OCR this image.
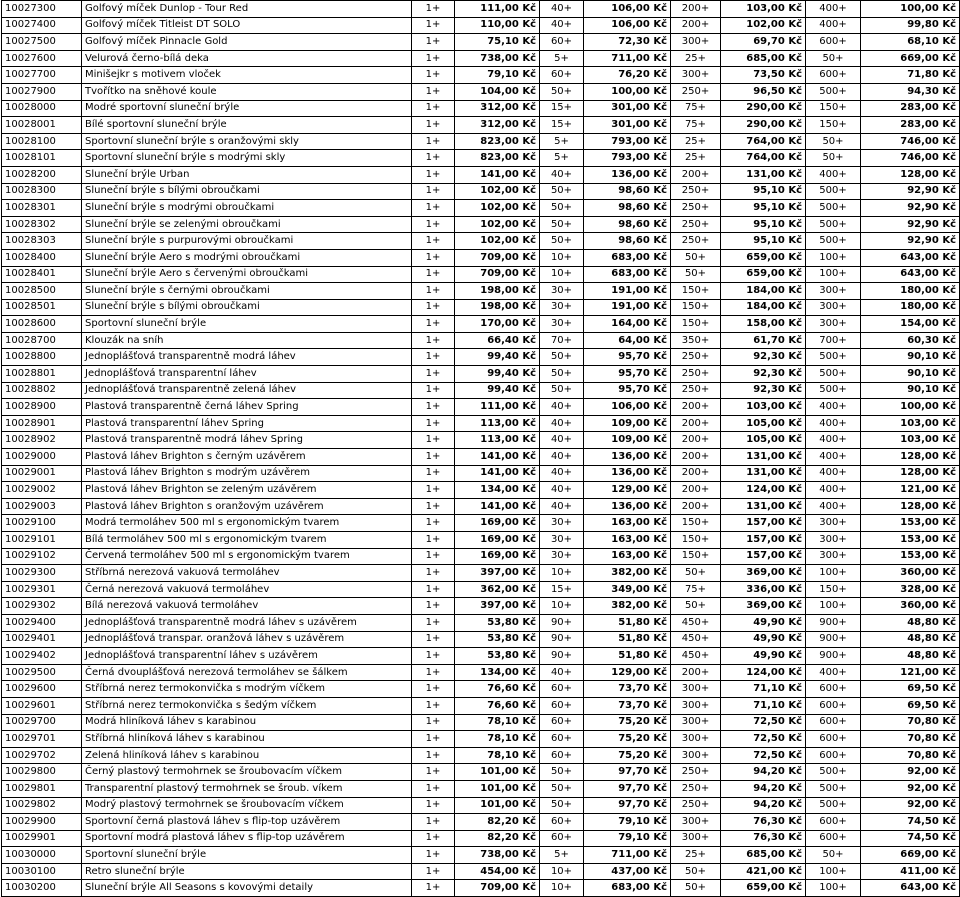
10027300	Golfový míček Dunlop - Tour Red	1+	111,00 Kč	40+	106,00 Kč	200+	103,00 Kč	400+	100,00 Kč
10027400	Golfový míček Titleist DT SOLO	1+	110,00 Kč	40+	106,00 Kč	200+	102,00 Kč	400+	99,80 Kč
10027500	Golfový míček Pinnacle Gold	1+	75,10 Kč	60+	72,30 Kč	300+	69,70 Kč	600+	68,10 Kč
10027600	Velurová černo-bílá deka	1+	738,00 Kč	5+	711,00 Kč	25+	685,00 Kč	50+	669,00 Kč
10027700	Minišejkr s motivem vloček	1+	79,10 Kč	60+	76,20 Kč	300+	73,50 Kč	600+	71,80 Kč
10027900	Tvořítko na sněhové koule	1+	104,00 Kč	50+	100,00 Kč	250+	96,50 Kč	500+	94,30 Kč
10028000	Modré sportovní sluneční brýle	1+	312,00 Kč	15+	301,00 Kč	75+	290,00 Kč	150+	283,00 Kč
10028001	Bílé sportovní sluneční brýle	1+	312,00 Kč	15+	301,00 Kč	75+	290,00 Kč	150+	283,00 Kč
10028100	Sportovní sluneční brýle s oranžovými skly	1+	823,00 Kč	5+	793,00 Kč	25+	764,00 Kč	50+	746,00 Kč
10028101	Sportovní sluneční brýle s modrými skly	1+	823,00 Kč	5+	793,00 Kč	25+	764,00 Kč	50+	746,00 Kč
10028200	Sluneční brýle Urban	1+	141,00 Kč	40+	136,00 Kč	200+	131,00 Kč	400+	128,00 Kč
10028300	Sluneční brýle s bílými obroučkami	1+	102,00 Kč	50+	98,60 Kč	250+	95,10 Kč	500+	92,90 Kč
10028301	Sluneční brýle s modrými obroučkami	1+	102,00 Kč	50+	98,60 Kč	250+	95,10 Kč	500+	92,90 Kč
10028302	Sluneční brýle se zelenými obroučkami	1+	102,00 Kč	50+	98,60 Kč	250+	95,10 Kč	500+	92,90 Kč
10028303	Sluneční brýle s purpurovými obroučkami	1+	102,00 Kč	50+	98,60 Kč	250+	95,10 Kč	500+	92,90 Kč
10028400	Sluneční brýle Aero s modrými obroučkami	1+	709,00 Kč	10+	683,00 Kč	50+	659,00 Kč	100+	643,00 Kč
10028401	Sluneční brýle Aero s červenými obroučkami	1+	709,00 Kč	10+	683,00 Kč	50+	659,00 Kč	100+	643,00 Kč
10028500	Sluneční brýle s černými obroučkami	1+	198,00 Kč	30+	191,00 Kč	150+	184,00 Kč	300+	180,00 Kč
10028501	Sluneční brýle s bílými obroučkami	1+	198,00 Kč	30+	191,00 Kč	150+	184,00 Kč	300+	180,00 Kč
10028600	Sportovní sluneční brýle	1+	170,00 Kč	30+	164,00 Kč	150+	158,00 Kč	300+	154,00 Kč
10028700	Klouzák na sníh	1+	66,40 Kč	70+	64,00 Kč	350+	61,70 Kč	700+	60,30 Kč
10028800	Jednoplášťová transparentně modrá láhev	1+	99,40 Kč	50+	95,70 Kč	250+	92,30 Kč	500+	90,10 Kč
10028801	Jednoplášťová transparentní láhev	1+	99,40 Kč	50+	95,70 Kč	250+	92,30 Kč	500+	90,10 Kč
10028802	Jednoplášťová transparentně zelená láhev	1+	99,40 Kč	50+	95,70 Kč	250+	92,30 Kč	500+	90,10 Kč
10028900	Plastová transparentně černá láhev Spring	1+	111,00 Kč	40+	106,00 Kč	200+	103,00 Kč	400+	100,00 Kč
10028901	Plastová transparentní láhev Spring	1+	113,00 Kč	40+	109,00 Kč	200+	105,00 Kč	400+	103,00 Kč
10028902	Plastová transparentně modrá láhev Spring	1+	113,00 Kč	40+	109,00 Kč	200+	105,00 Kč	400+	103,00 Kč
10029000	Plastová láhev Brighton s černým uzávěrem	1+	141,00 Kč	40+	136,00 Kč	200+	131,00 Kč	400+	128,00 Kč
10029001	Plastová láhev Brighton s modrým uzávěrem	1+	141,00 Kč	40+	136,00 Kč	200+	131,00 Kč	400+	128,00 Kč
10029002	Plastová láhev Brighton se zeleným uzávěrem	1+	134,00 Kč	40+	129,00 Kč	200+	124,00 Kč	400+	121,00 Kč
10029003	Plastová láhev Brighton s oranžovým uzávěrem	1+	141,00 Kč	40+	136,00 Kč	200+	131,00 Kč	400+	128,00 Kč
10029100	Modrá termoláhev 500 ml s ergonomickým tvarem	1+	169,00 Kč	30+	163,00 Kč	150+	157,00 Kč	300+	153,00 Kč
10029101	Bílá termoláhev 500 ml s ergonomickým tvarem	1+	169,00 Kč	30+	163,00 Kč	150+	157,00 Kč	300+	153,00 Kč
10029102	Červená termoláhev 500 ml s ergonomickým tvarem	1+	169,00 Kč	30+	163,00 Kč	150+	157,00 Kč	300+	153,00 Kč
10029300	Stříbrná nerezová vakuová termoláhev	1+	397,00 Kč	10+	382,00 Kč	50+	369,00 Kč	100+	360,00 Kč
10029301	Černá nerezová vakuová termoláhev	1+	362,00 Kč	15+	349,00 Kč	75+	336,00 Kč	150+	328,00 Kč
10029302	Bílá nerezová vakuová termoláhev	1+	397,00 Kč	10+	382,00 Kč	50+	369,00 Kč	100+	360,00 Kč
10029400	Jednoplášťová transparentně modrá láhev s uzávěrem	1+	53,80 Kč	90+	51,80 Kč	450+	49,90 Kč	900+	48,80 Kč
10029401	Jednoplášťová transpar. oranžová láhev s uzávěrem	1+	53,80 Kč	90+	51,80 Kč	450+	49,90 Kč	900+	48,80 Kč
10029402	Jednoplášťová transparentní láhev s uzávěrem	1+	53,80 Kč	90+	51,80 Kč	450+	49,90 Kč	900+	48,80 Kč
10029500	Černá dvouplášťová nerezová termoláhev se šálkem	1+	134,00 Kč	40+	129,00 Kč	200+	124,00 Kč	400+	121,00 Kč
10029600	Stříbrná nerez termokonvička s modrým víčkem	1+	76,60 Kč	60+	73,70 Kč	300+	71,10 Kč	600+	69,50 Kč
10029601	Stříbrná nerez termokonvička s šedým víčkem	1+	76,60 Kč	60+	73,70 Kč	300+	71,10 Kč	600+	69,50 Kč
10029700	Modrá hliníková láhev s karabinou	1+	78,10 Kč	60+	75,20 Kč	300+	72,50 Kč	600+	70,80 Kč
10029701	Stříbrná hliníková láhev s karabinou	1+	78,10 Kč	60+	75,20 Kč	300+	72,50 Kč	600+	70,80 Kč
10029702	Zelená hliníková láhev s karabinou	1+	78,10 Kč	60+	75,20 Kč	300+	72,50 Kč	600+	70,80 Kč
10029800	Černý plastový termohrnek se šroubovacím víčkem	1+	101,00 Kč	50+	97,70 Kč	250+	94,20 Kč	500+	92,00 Kč
10029801	Transparentní plastový termohrnek se šroub. víkem	1+	101,00 Kč	50+	97,70 Kč	250+	94,20 Kč	500+	92,00 Kč
10029802	Modrý plastový termohrnek se šroubovacím víčkem	1+	101,00 Kč	50+	97,70 Kč	250+	94,20 Kč	500+	92,00 Kč
10029900	Sportovní černá plastová láhev s flip-top uzávěrem	1+	82,20 Kč	60+	79,10 Kč	300+	76,30 Kč	600+	74,50 Kč
10029901	Sportovní modrá plastová láhev s flip-top uzávěrem	1+	82,20 Kč	60+	79,10 Kč	300+	76,30 Kč	600+	74,50 Kč
10030000	Sportovní sluneční brýle	1+	738,00 Kč	5+	711,00 Kč	25+	685,00 Kč	50+	669,00 Kč
10030100	Retro sluneční brýle	1+	454,00 Kč	10+	437,00 Kč	50+	421,00 Kč	100+	411,00 Kč
10030200	Sluneční brýle All Seasons s kovovými detaily	1+	709,00 Kč	10+	683,00 Kč	50+	659,00 Kč	100+	643,00 Kč
